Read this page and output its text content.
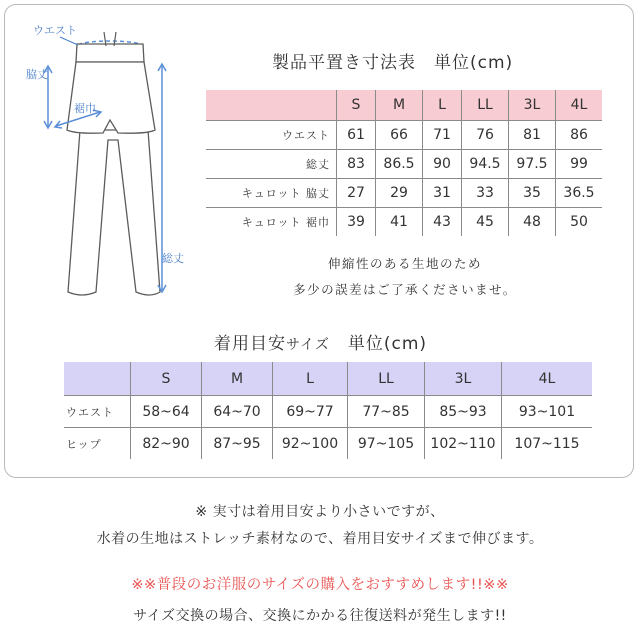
ウエスト
脇丈
裾巾
総丈
製品平置き寸法表　単位(cm)
	S	M	L	LL	3L	4L
ウエスト	61	66	71	76	81	86
総丈	83	86.5	90	94.5	97.5	99
キュロット 脇丈	27	29	31	33	35	36.5
キュロット 裾巾	39	41	43	45	48	50
伸縮性のある生地のため
多少の誤差はご了承くださいませ。
着用目安サイズ　単位(cm)
	S	M	L	LL	3L	4L
ウエスト	58~64	64~70	69~77	77~85	85~93	93~101
ヒップ	82~90	87~95	92~100	97~105	102~110	107~115
※ 実寸は着用目安より小さいですが、
水着の生地はストレッチ素材なので、着用目安サイズまで伸びます。
※※普段のお洋服のサイズの購入をおすすめします!!※※
サイズ交換の場合、交換にかかる往復送料が発生します!!
